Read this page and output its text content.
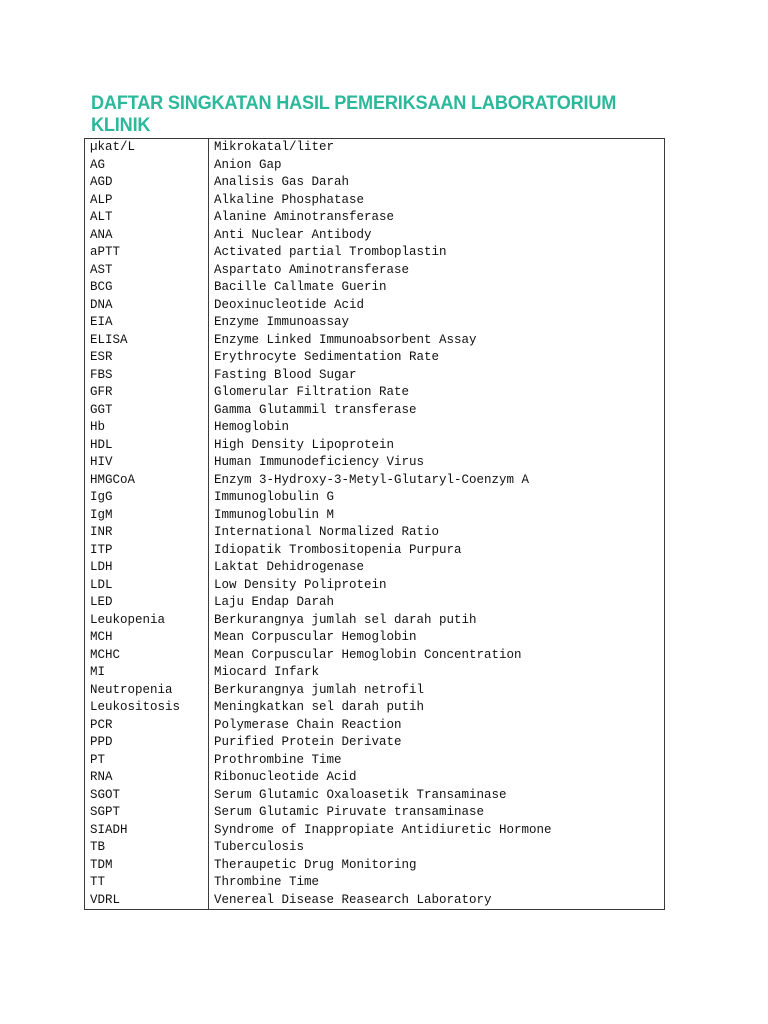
DAFTAR SINGKATAN HASIL PEMERIKSAAN LABORATORIUM KLINIK
µkat/L	Mikrokatal/liter
AG	Anion Gap
AGD	Analisis Gas Darah
ALP	Alkaline Phosphatase
ALT	Alanine Aminotransferase
ANA	Anti Nuclear Antibody
aPTT	Activated partial Tromboplastin
AST	Aspartato Aminotransferase
BCG	Bacille Callmate Guerin
DNA	Deoxinucleotide Acid
EIA	Enzyme Immunoassay
ELISA	Enzyme Linked Immunoabsorbent Assay
ESR	Erythrocyte Sedimentation Rate
FBS	Fasting Blood Sugar
GFR	Glomerular Filtration Rate
GGT	Gamma Glutammil transferase
Hb	Hemoglobin
HDL	High Density Lipoprotein
HIV	Human Immunodeficiency Virus
HMGCoA	Enzym 3-Hydroxy-3-Metyl-Glutaryl-Coenzym A
IgG	Immunoglobulin G
IgM	Immunoglobulin M
INR	International Normalized Ratio
ITP	Idiopatik Trombositopenia Purpura
LDH	Laktat Dehidrogenase
LDL	Low Density Poliprotein
LED	Laju Endap Darah
Leukopenia	Berkurangnya jumlah sel darah putih
MCH	Mean Corpuscular Hemoglobin
MCHC	Mean Corpuscular Hemoglobin Concentration
MI	Miocard Infark
Neutropenia	Berkurangnya jumlah netrofil
Leukositosis	Meningkatkan sel darah putih
PCR	Polymerase Chain Reaction
PPD	Purified Protein Derivate
PT	Prothrombine Time
RNA	Ribonucleotide Acid
SGOT	Serum Glutamic Oxaloasetik Transaminase
SGPT	Serum Glutamic Piruvate transaminase
SIADH	Syndrome of Inappropiate Antidiuretic Hormone
TB	Tuberculosis
TDM	Theraupetic Drug Monitoring
TT	Thrombine Time
VDRL	Venereal Disease Reasearch Laboratory
